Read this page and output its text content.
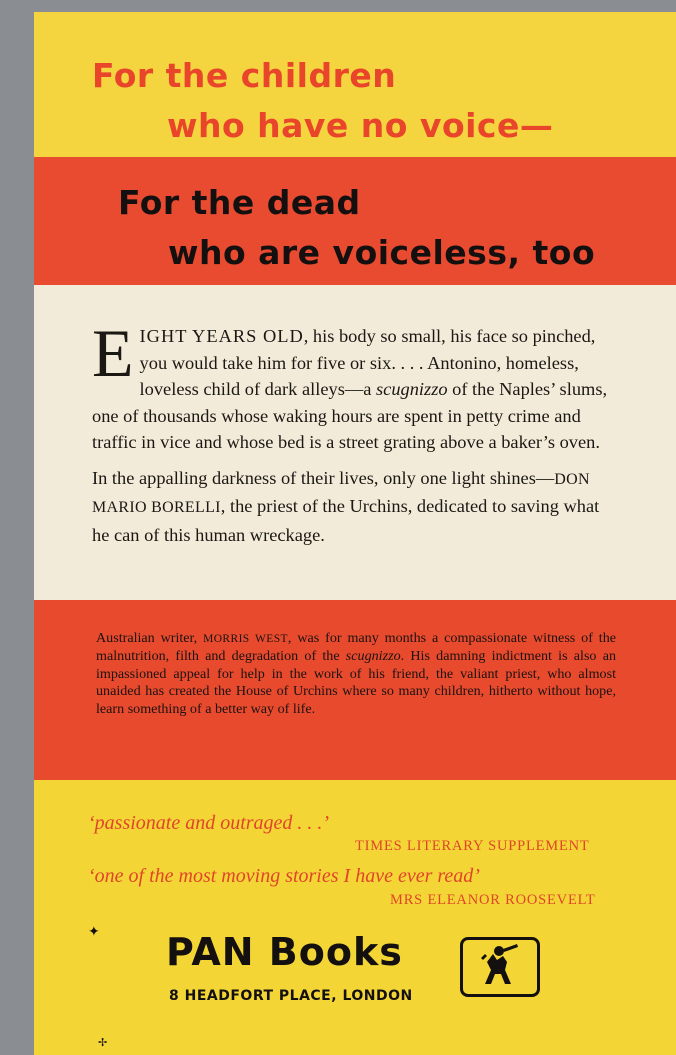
For the children
who have no voice—
For the dead
who are voiceless, too

EIGHT YEARS OLD, his body so small, his face so pinched, you would take him for five or six. . . . Antonino, homeless, loveless child of dark alleys—a scugnizzo of the Naples’ slums, one of thousands whose waking hours are spent in petty crime and traffic in vice and whose bed is a street grating above a baker’s oven.

In the appalling darkness of their lives, only one light shines—DON MARIO BORELLI, the priest of the Urchins, dedicated to saving what he can of this human wreckage.

Australian writer, MORRIS WEST, was for many months a compassionate witness of the malnutrition, filth and degradation of the scugnizzo. His damning indictment is also an impassioned appeal for help in the work of his friend, the valiant priest, who almost unaided has created the House of Urchins where so many children, hitherto without hope, learn something of a better way of life.
‘passionate and outraged . . .’
TIMES LITERARY SUPPLEMENT
‘one of the most moving stories I have ever read’
MRS ELEANOR ROOSEVELT
PAN Books
8 HEADFORT PLACE, LONDON
✦
✢
